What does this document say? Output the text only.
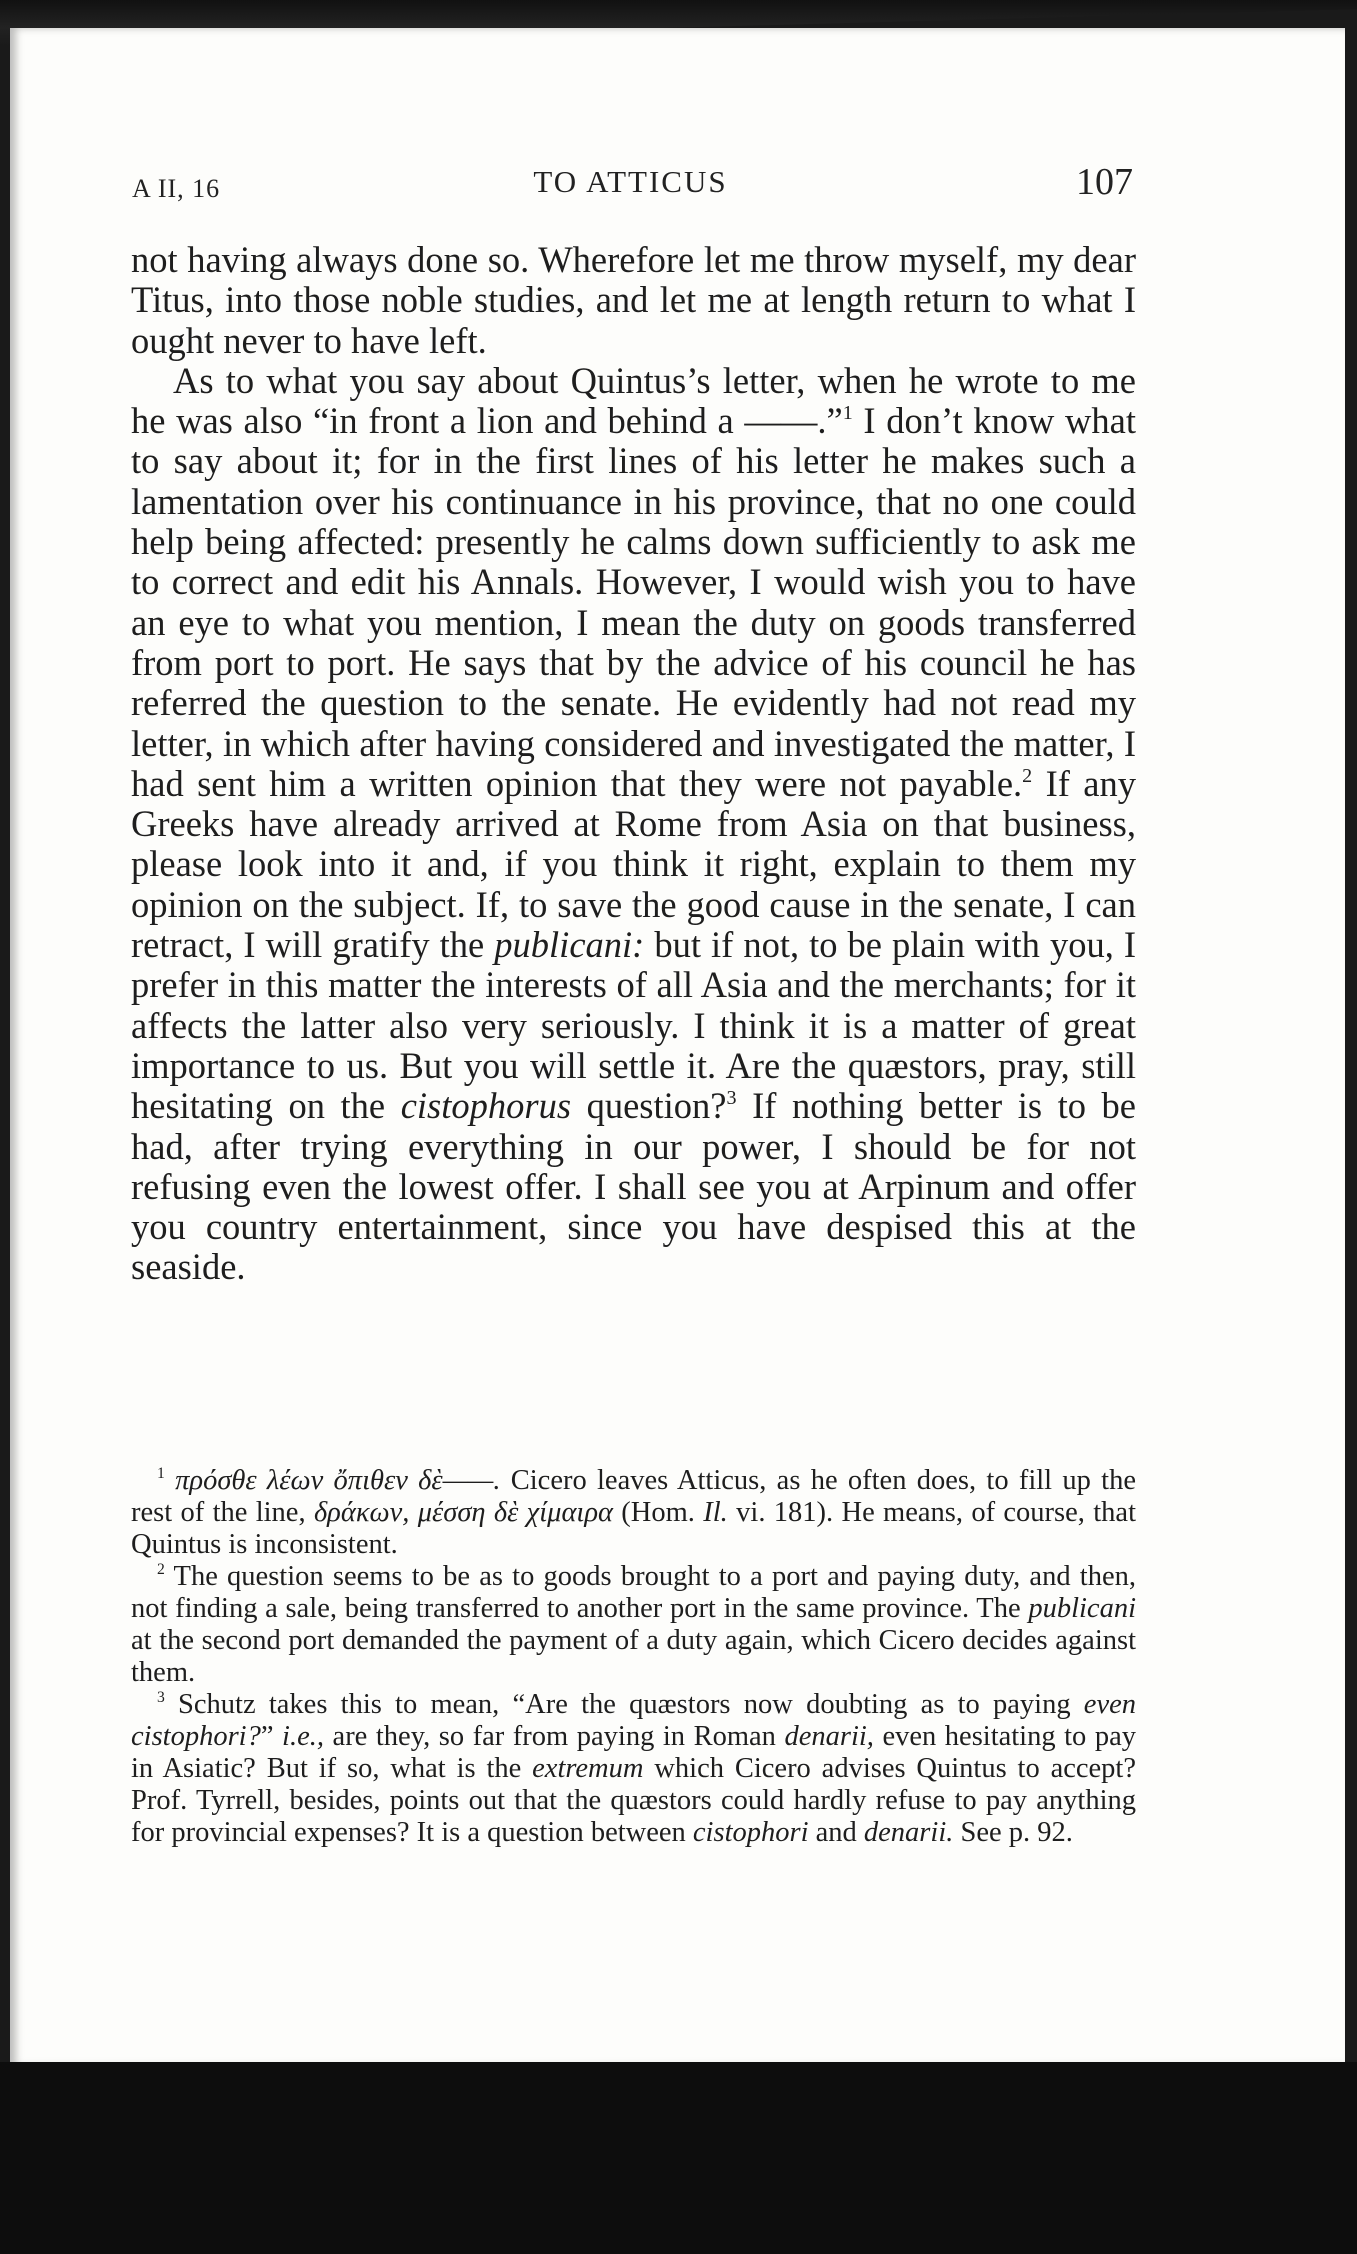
A II, 16	TO ATTICUS	107

not having always done so. Wherefore let me throw myself, my dear Titus, into those noble studies, and let me at length return to what I ought never to have left.

As to what you say about Quintus’s letter, when he wrote to me he was also “in front a lion and behind a ——.”$^1$ I don’t know what to say about it; for in the first lines of his letter he makes such a lamentation over his continuance in his province, that no one could help being affected: presently he calms down sufficiently to ask me to correct and edit his Annals. However, I would wish you to have an eye to what you mention, I mean the duty on goods transferred from port to port. He says that by the advice of his council he has referred the question to the senate. He evidently had not read my letter, in which after having considered and investigated the matter, I had sent him a written opinion that they were not payable.$^2$ If any Greeks have already arrived at Rome from Asia on that business, please look into it and, if you think it right, explain to them my opinion on the subject. If, to save the good cause in the senate, I can retract, I will gratify the publicani: but if not, to be plain with you, I prefer in this matter the interests of all Asia and the merchants; for it affects the latter also very seriously. I think it is a matter of great importance to us. But you will settle it. Are the quæstors, pray, still hesitating on the cistophorus question?$^3$ If nothing better is to be had, after trying everything in our power, I should be for not refusing even the lowest offer. I shall see you at Arpinum and offer you country entertainment, since you have despised this at the seaside.

$^1$ πρόσθε λέων ὄπιθεν δὲ——. Cicero leaves Atticus, as he often does, to fill up the rest of the line, δράκων, μέσση δὲ χίμαιρα (Hom. Il. vi. 181). He means, of course, that Quintus is inconsistent.

$^2$ The question seems to be as to goods brought to a port and paying duty, and then, not finding a sale, being transferred to another port in the same province. The publicani at the second port demanded the payment of a duty again, which Cicero decides against them.

$^3$ Schutz takes this to mean, “Are the quæstors now doubting as to paying even cistophori?” i.e., are they, so far from paying in Roman denarii, even hesitating to pay in Asiatic? But if so, what is the extremum which Cicero advises Quintus to accept? Prof. Tyrrell, besides, points out that the quæstors could hardly refuse to pay anything for provincial expenses? It is a question between cistophori and denarii. See p. 92.
